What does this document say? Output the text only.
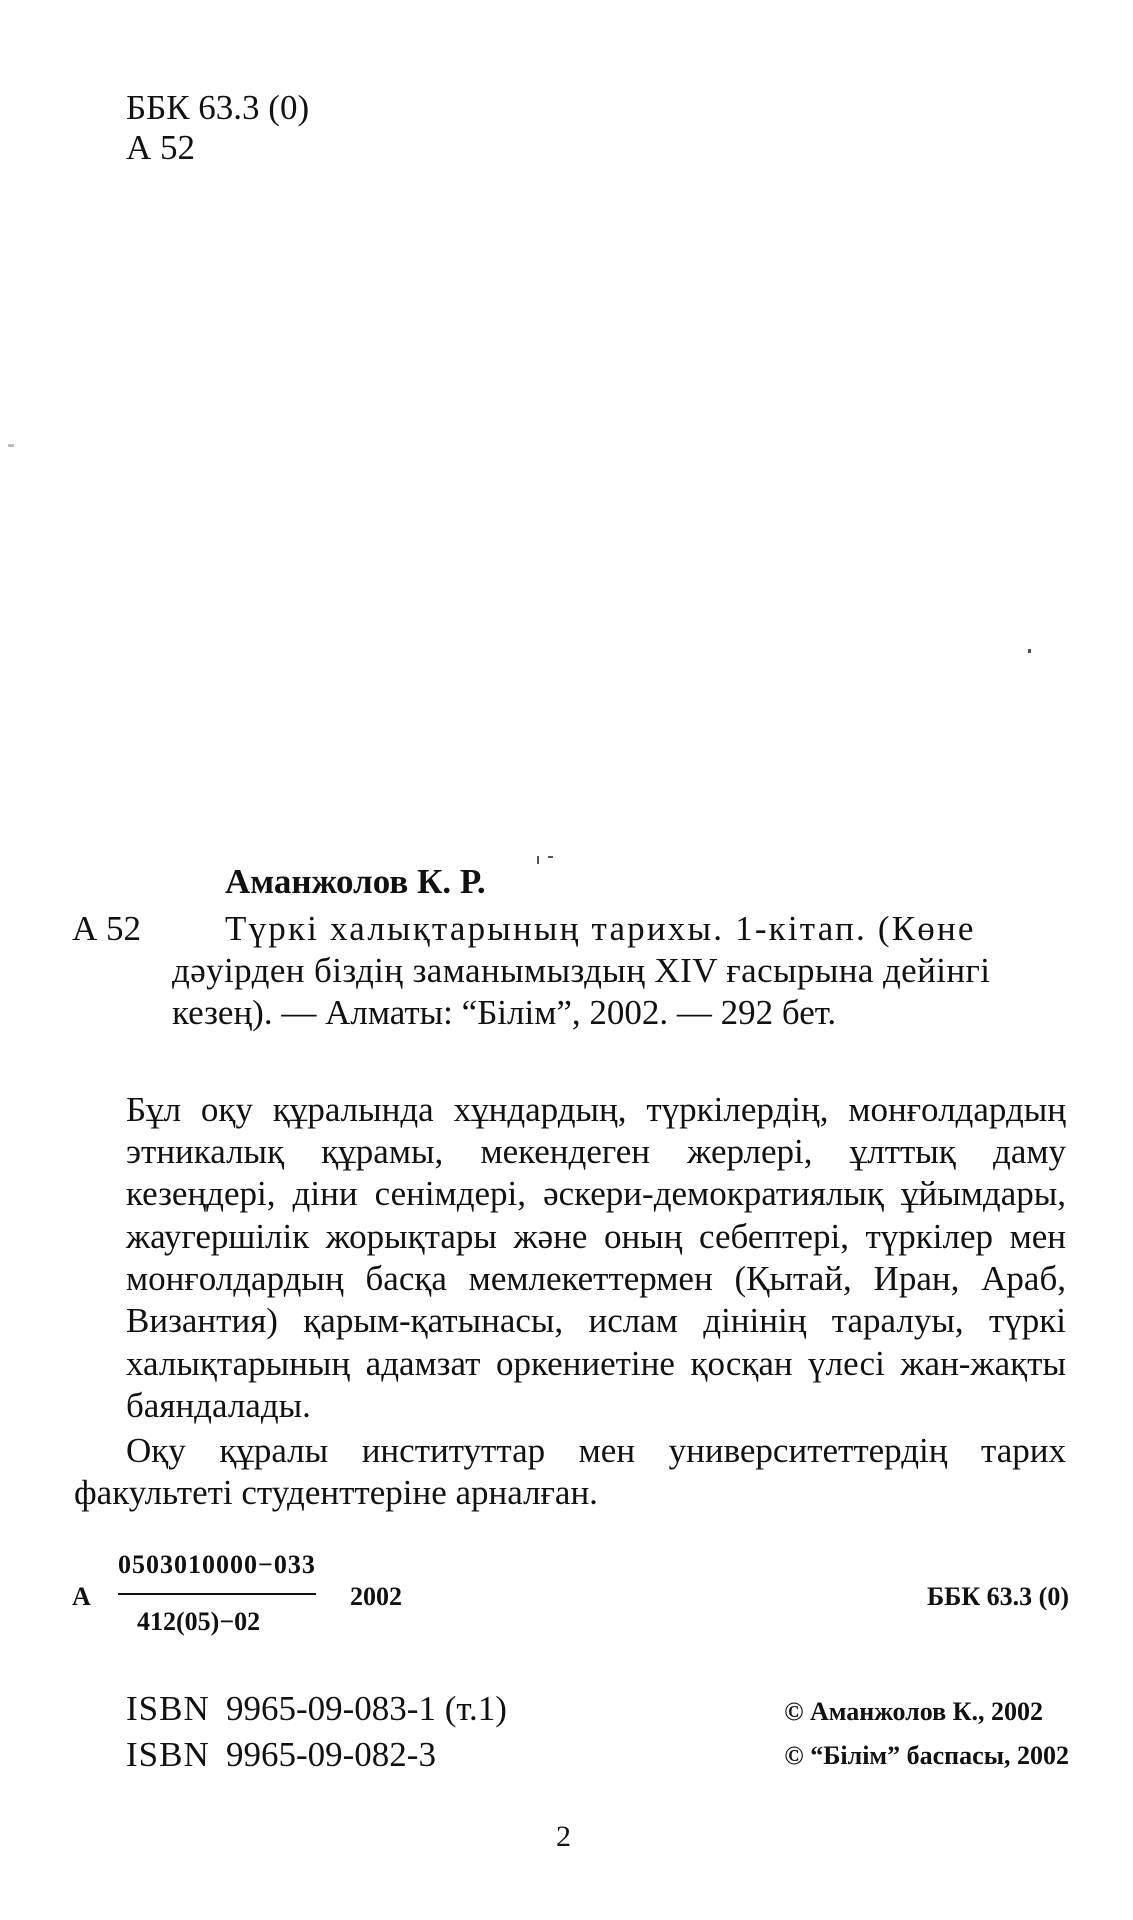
ББК 63.3 (0)
А 52
Аманжолов К. Р.
А 52 Түркі халықтарының тарихы. 1-кітап. (Көне
дәуірден біздің заманымыздың XIV ғасырына дейінгі
кезең). — Алматы: “Білім”, 2002. — 292 бет.
Бұл оқу құралында хұндардың, түркілердің, монғолдардың
этникалық құрамы, мекендеген жерлері, ұлттық даму
кезеңдері, діни сенімдері, әскери-демократиялық ұйымдары,
жаугершілік жорықтары және оның себептері, түркілер мен
монғолдардың басқа мемлекеттермен (Қытай, Иран, Араб,
Византия) қарым-қатынасы, ислам дінінің таралуы, түркі
халықтарының адамзат оркениетіне қосқан үлесі жан-жақты
баяндалады.
Оқу құралы институттар мен университеттердің тарих
факультеті студенттеріне арналған.
А
0503010000−033
412(05)−02
2002	ББК 63.3 (0)
ISBN 9965-09-083-1 (т.1)
ISBN 9965-09-082-3
© Аманжолов К., 2002
© “Білім” баспасы, 2002
2
